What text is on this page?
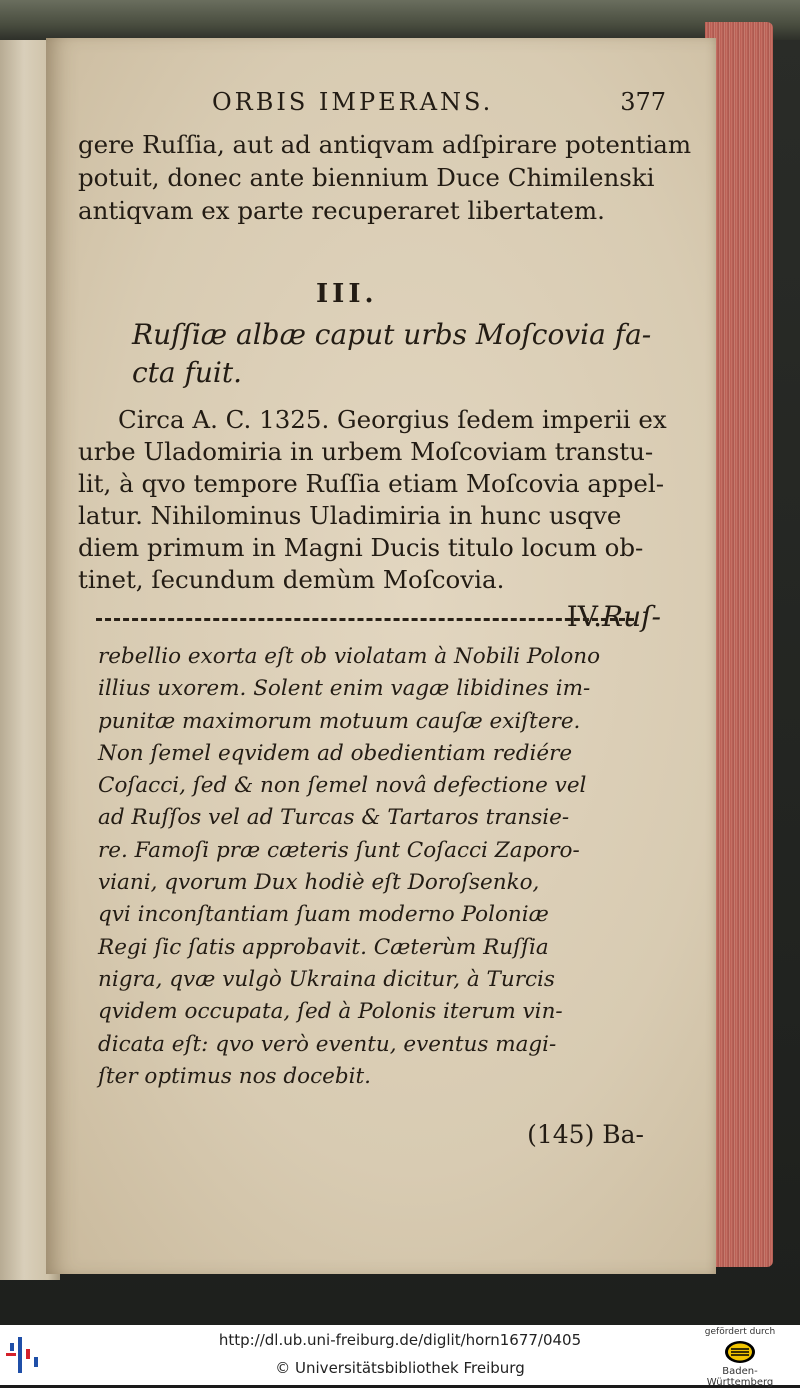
ORBIS IMPERANS.	377
gere Ruſſia, aut ad antiqvam adſpirare potentiam
potuit, donec ante biennium Duce Chimilenski
antiqvam ex parte recuperaret libertatem.
III.
Ruſſiæ albæ caput urbs Moſcovia fa-
cta fuit.
Circa A. C. 1325. Georgius ſedem imperii ex
urbe Uladomiria in urbem Moſcoviam transtu-
lit, à qvo tempore Ruſſia etiam Moſcovia appel-
latur. Nihilominus Uladimiria in hunc usqve
diem primum in Magni Ducis titulo locum ob-
tinet, ſecundum demùm Moſcovia.
IV.Ruſ-
rebellio exorta eſt ob violatam à Nobili Polono
illius uxorem. Solent enim vagæ libidines im-
punitæ maximorum motuum cauſæ exiſtere.
Non ſemel eqvidem ad obedientiam rediére
Coſacci, ſed & non ſemel novâ defectione vel
ad Ruſſos vel ad Turcas & Tartaros transie-
re. Famoſi præ cæteris ſunt Coſacci Zaporo-
viani, qvorum Dux hodiè eſt Doroſsenko,
qvi inconſtantiam ſuam moderno Poloniæ
Regi ſic ſatis approbavit. Cæterùm Ruſſia
nigra, qvæ vulgò Ukraina dicitur, à Turcis
qvidem occupata, ſed à Polonis iterum vin-
dicata eſt: qvo verò eventu, eventus magi-
ſter optimus nos docebit.
(145) Ba-
http://dl.ub.uni-freiburg.de/diglit/horn1677/0405
© Universitätsbibliothek Freiburg
gefördert durch
Baden-Württemberg
